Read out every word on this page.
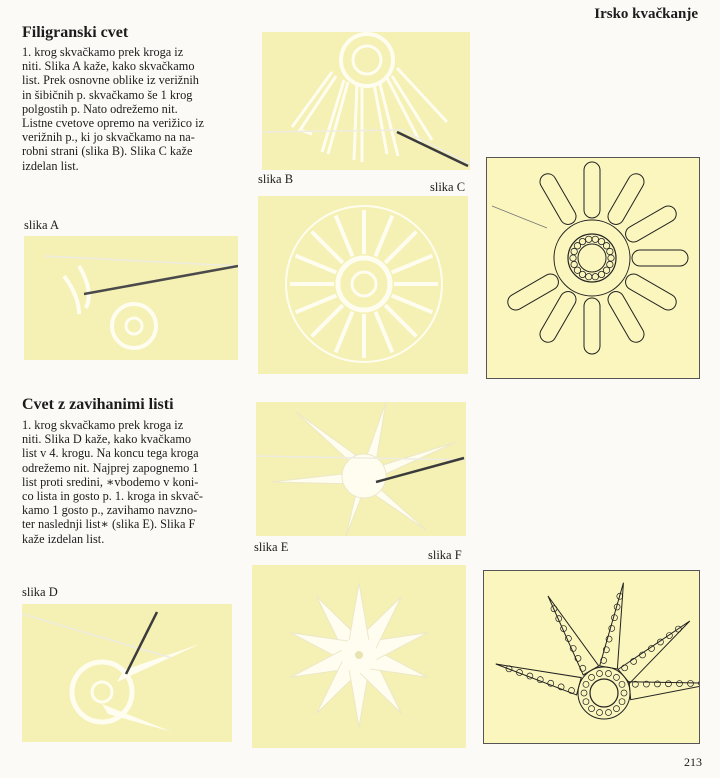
Irsko kvačkanje
Filigranski cvet
1. krog skvačkamo prek kroga iz
niti. Slika A kaže, kako skvačkamo
list. Prek osnovne oblike iz verižnih
in šibičnih p. skvačkamo še 1 krog
polgostih p. Nato odrežemo nit.
Listne cvetove opremo na verižico iz
verižnih p., ki jo skvačkamo na na-
robni strani (slika B). Slika C kaže
izdelan list.
Cvet z zavihanimi listi
1. krog skvačkamo prek kroga iz
niti. Slika D kaže, kako kvačkamo
list v 4. krogu. Na koncu tega kroga
odrežemo nit. Najprej zapognemo 1
list proti sredini, ∗vbodemo v koni-
co lista in gosto p. 1. kroga in skvač-
kamo 1 gosto p., zavihamo navzno-
ter naslednji list∗ (slika E). Slika F
kaže izdelan list.
slika B
slika C
slika A
slika E
slika F
slika D
213
